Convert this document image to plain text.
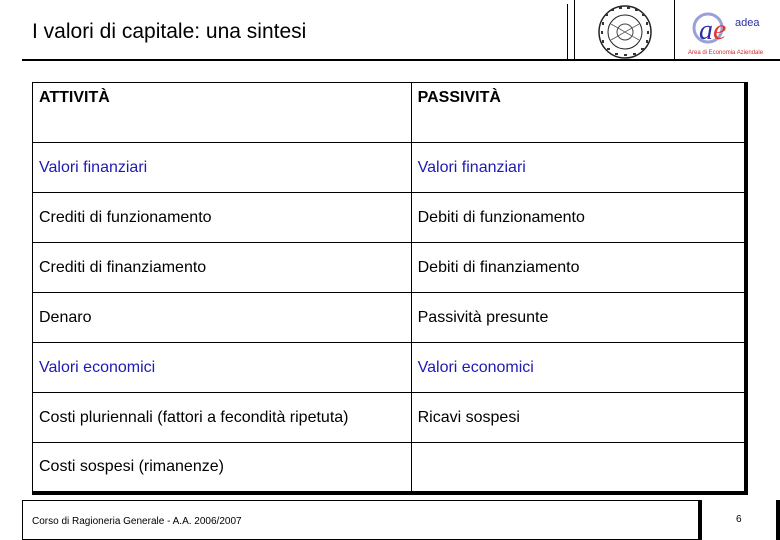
I valori di capitale: una sintesi	a e adea
Area di Economia Aziendale
ATTIVITÀ	PASSIVITÀ
Valori finanziari	Valori finanziari
Crediti di funzionamento	Debiti di funzionamento
Crediti di finanziamento	Debiti di finanziamento
Denaro	Passività presunte
Valori economici	Valori economici
Costi pluriennali (fattori a fecondità ripetuta)	Ricavi sospesi
Costi sospesi (rimanenze)	
Corso di Ragioneria Generale - A.A. 2006/2007	6
